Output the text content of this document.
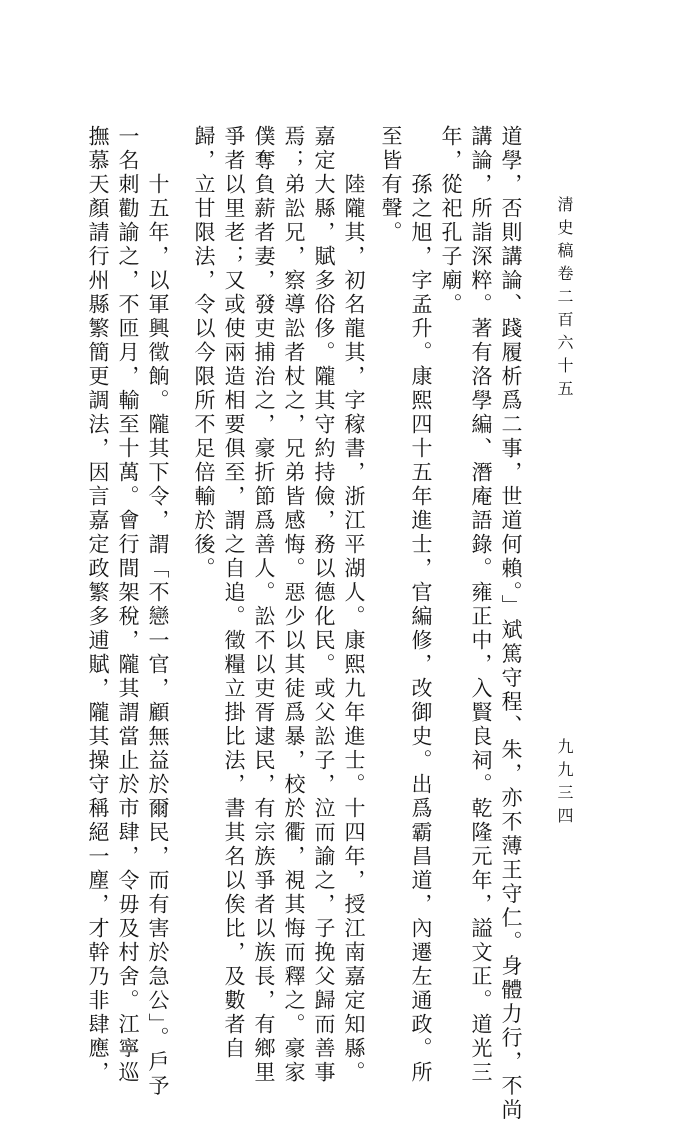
清史稿卷二百六十五
九九三四
道學，否則講論、踐履析爲二事，世道何賴。」斌篤守程、朱，亦不薄王守仁。身體力行，不尚
講論，所詣深粹。著有洛學編、潛庵語錄。雍正中，入賢良祠。乾隆元年，謚文正。道光三
年，從祀孔子廟。
孫之旭，字孟升。康熙四十五年進士，官編修，改御史。出爲霸昌道，內遷左通政。所
至皆有聲。
陸隴其，初名龍其，字稼書，浙江平湖人。康熙九年進士。十四年，授江南嘉定知縣。
嘉定大縣，賦多俗侈。隴其守約持儉，務以德化民。或父訟子，泣而諭之，子挽父歸而善事
焉；弟訟兄，察導訟者杖之，兄弟皆感悔。惡少以其徒爲暴，校於衢，視其悔而釋之。豪家
僕奪負薪者妻，發吏捕治之，豪折節爲善人。訟不以吏胥逮民，有宗族爭者以族長，有鄉里
爭者以里老；又或使兩造相要俱至，謂之自追。徵糧立掛比法，書其名以俟比，及數者自
歸，立甘限法，令以今限所不足倍輸於後。
十五年，以軍興徵餉。隴其下令，謂「不戀一官，顧無益於爾民，而有害於急公」。戶予
一名刺勸諭之，不匝月，輸至十萬。會行間架稅，隴其謂當止於市肆，令毋及村舍。江寧巡
撫慕天顏請行州縣繁簡更調法，因言嘉定政繁多逋賦，隴其操守稱絕一塵，才幹乃非肆應，
